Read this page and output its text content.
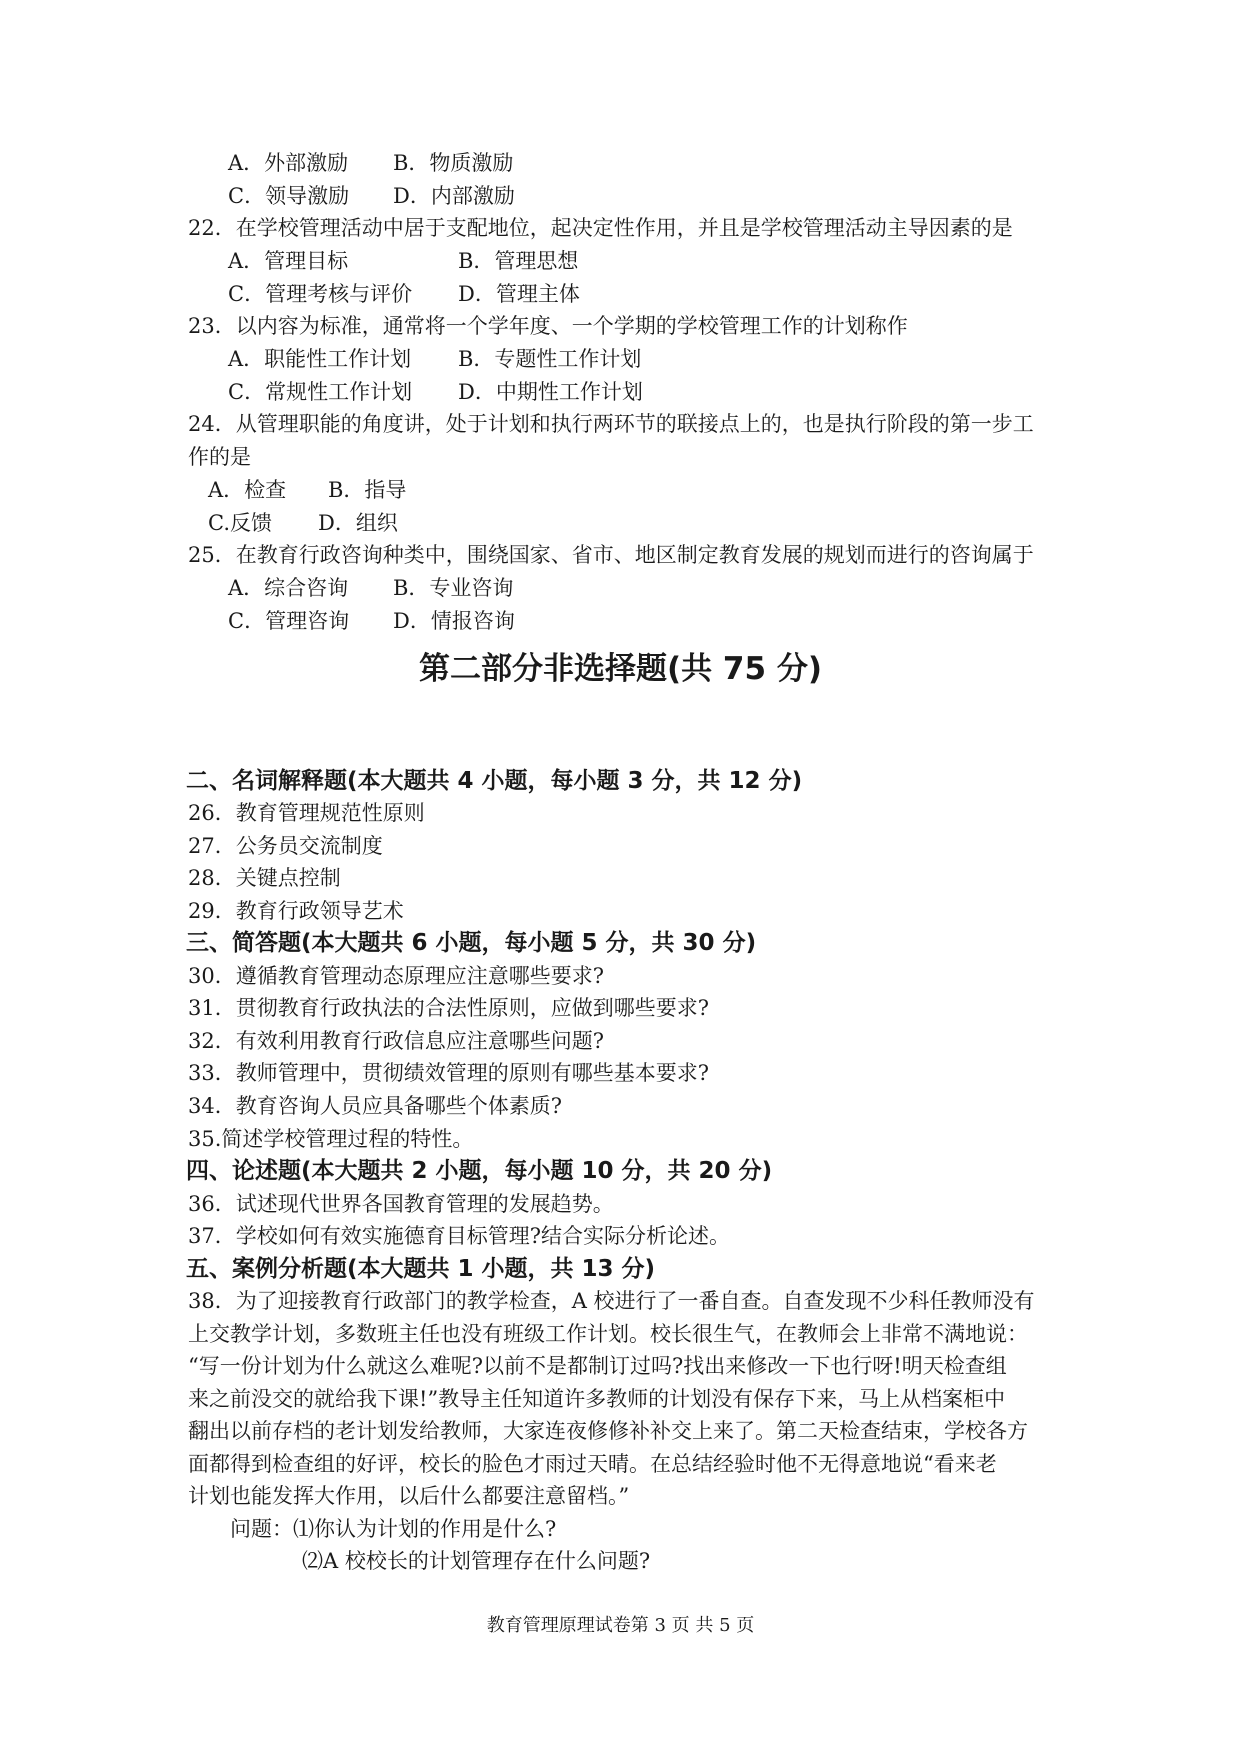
A．外部激励 B．物质激励
C．领导激励 D．内部激励
22．在学校管理活动中居于支配地位，起决定性作用，并且是学校管理活动主导因素的是
A．管理目标	B．管理思想
C．管理考核与评价 D．管理主体
23．以内容为标准，通常将一个学年度、一个学期的学校管理工作的计划称作
A．职能性工作计划 B．专题性工作计划
C．常规性工作计划 D．中期性工作计划
24．从管理职能的角度讲，处于计划和执行两环节的联接点上的，也是执行阶段的第一步工
作的是
A．检查 B．指导
C.反馈 D．组织
25．在教育行政咨询种类中，围绕国家、省市、地区制定教育发展的规划而进行的咨询属于
A．综合咨询 B．专业咨询
C．管理咨询 D．情报咨询
第二部分非选择题(共 75 分)
二、名词解释题(本大题共 4 小题，每小题 3 分，共 12 分)
26．教育管理规范性原则
27．公务员交流制度
28．关键点控制
29．教育行政领导艺术
三、简答题(本大题共 6 小题，每小题 5 分，共 30 分)
30．遵循教育管理动态原理应注意哪些要求?
31．贯彻教育行政执法的合法性原则，应做到哪些要求?
32．有效利用教育行政信息应注意哪些问题?
33．教师管理中，贯彻绩效管理的原则有哪些基本要求?
34．教育咨询人员应具备哪些个体素质?
35.简述学校管理过程的特性。
四、论述题(本大题共 2 小题，每小题 10 分，共 20 分)
36．试述现代世界各国教育管理的发展趋势。
37．学校如何有效实施德育目标管理?结合实际分析论述。
五、案例分析题(本大题共 1 小题，共 13 分)
38．为了迎接教育行政部门的教学检查，A 校进行了一番自查。自查发现不少科任教师没有
上交教学计划，多数班主任也没有班级工作计划。校长很生气，在教师会上非常不满地说：
“写一份计划为什么就这么难呢?以前不是都制订过吗?找出来修改一下也行呀!明天检查组
来之前没交的就给我下课!”教导主任知道许多教师的计划没有保存下来，马上从档案柜中
翻出以前存档的老计划发给教师，大家连夜修修补补交上来了。第二天检查结束，学校各方
面都得到检查组的好评，校长的脸色才雨过天晴。在总结经验时他不无得意地说“看来老
计划也能发挥大作用，以后什么都要注意留档。”
问题：⑴你认为计划的作用是什么?
⑵A 校校长的计划管理存在什么问题?
教育管理原理试卷第 3 页 共 5 页
